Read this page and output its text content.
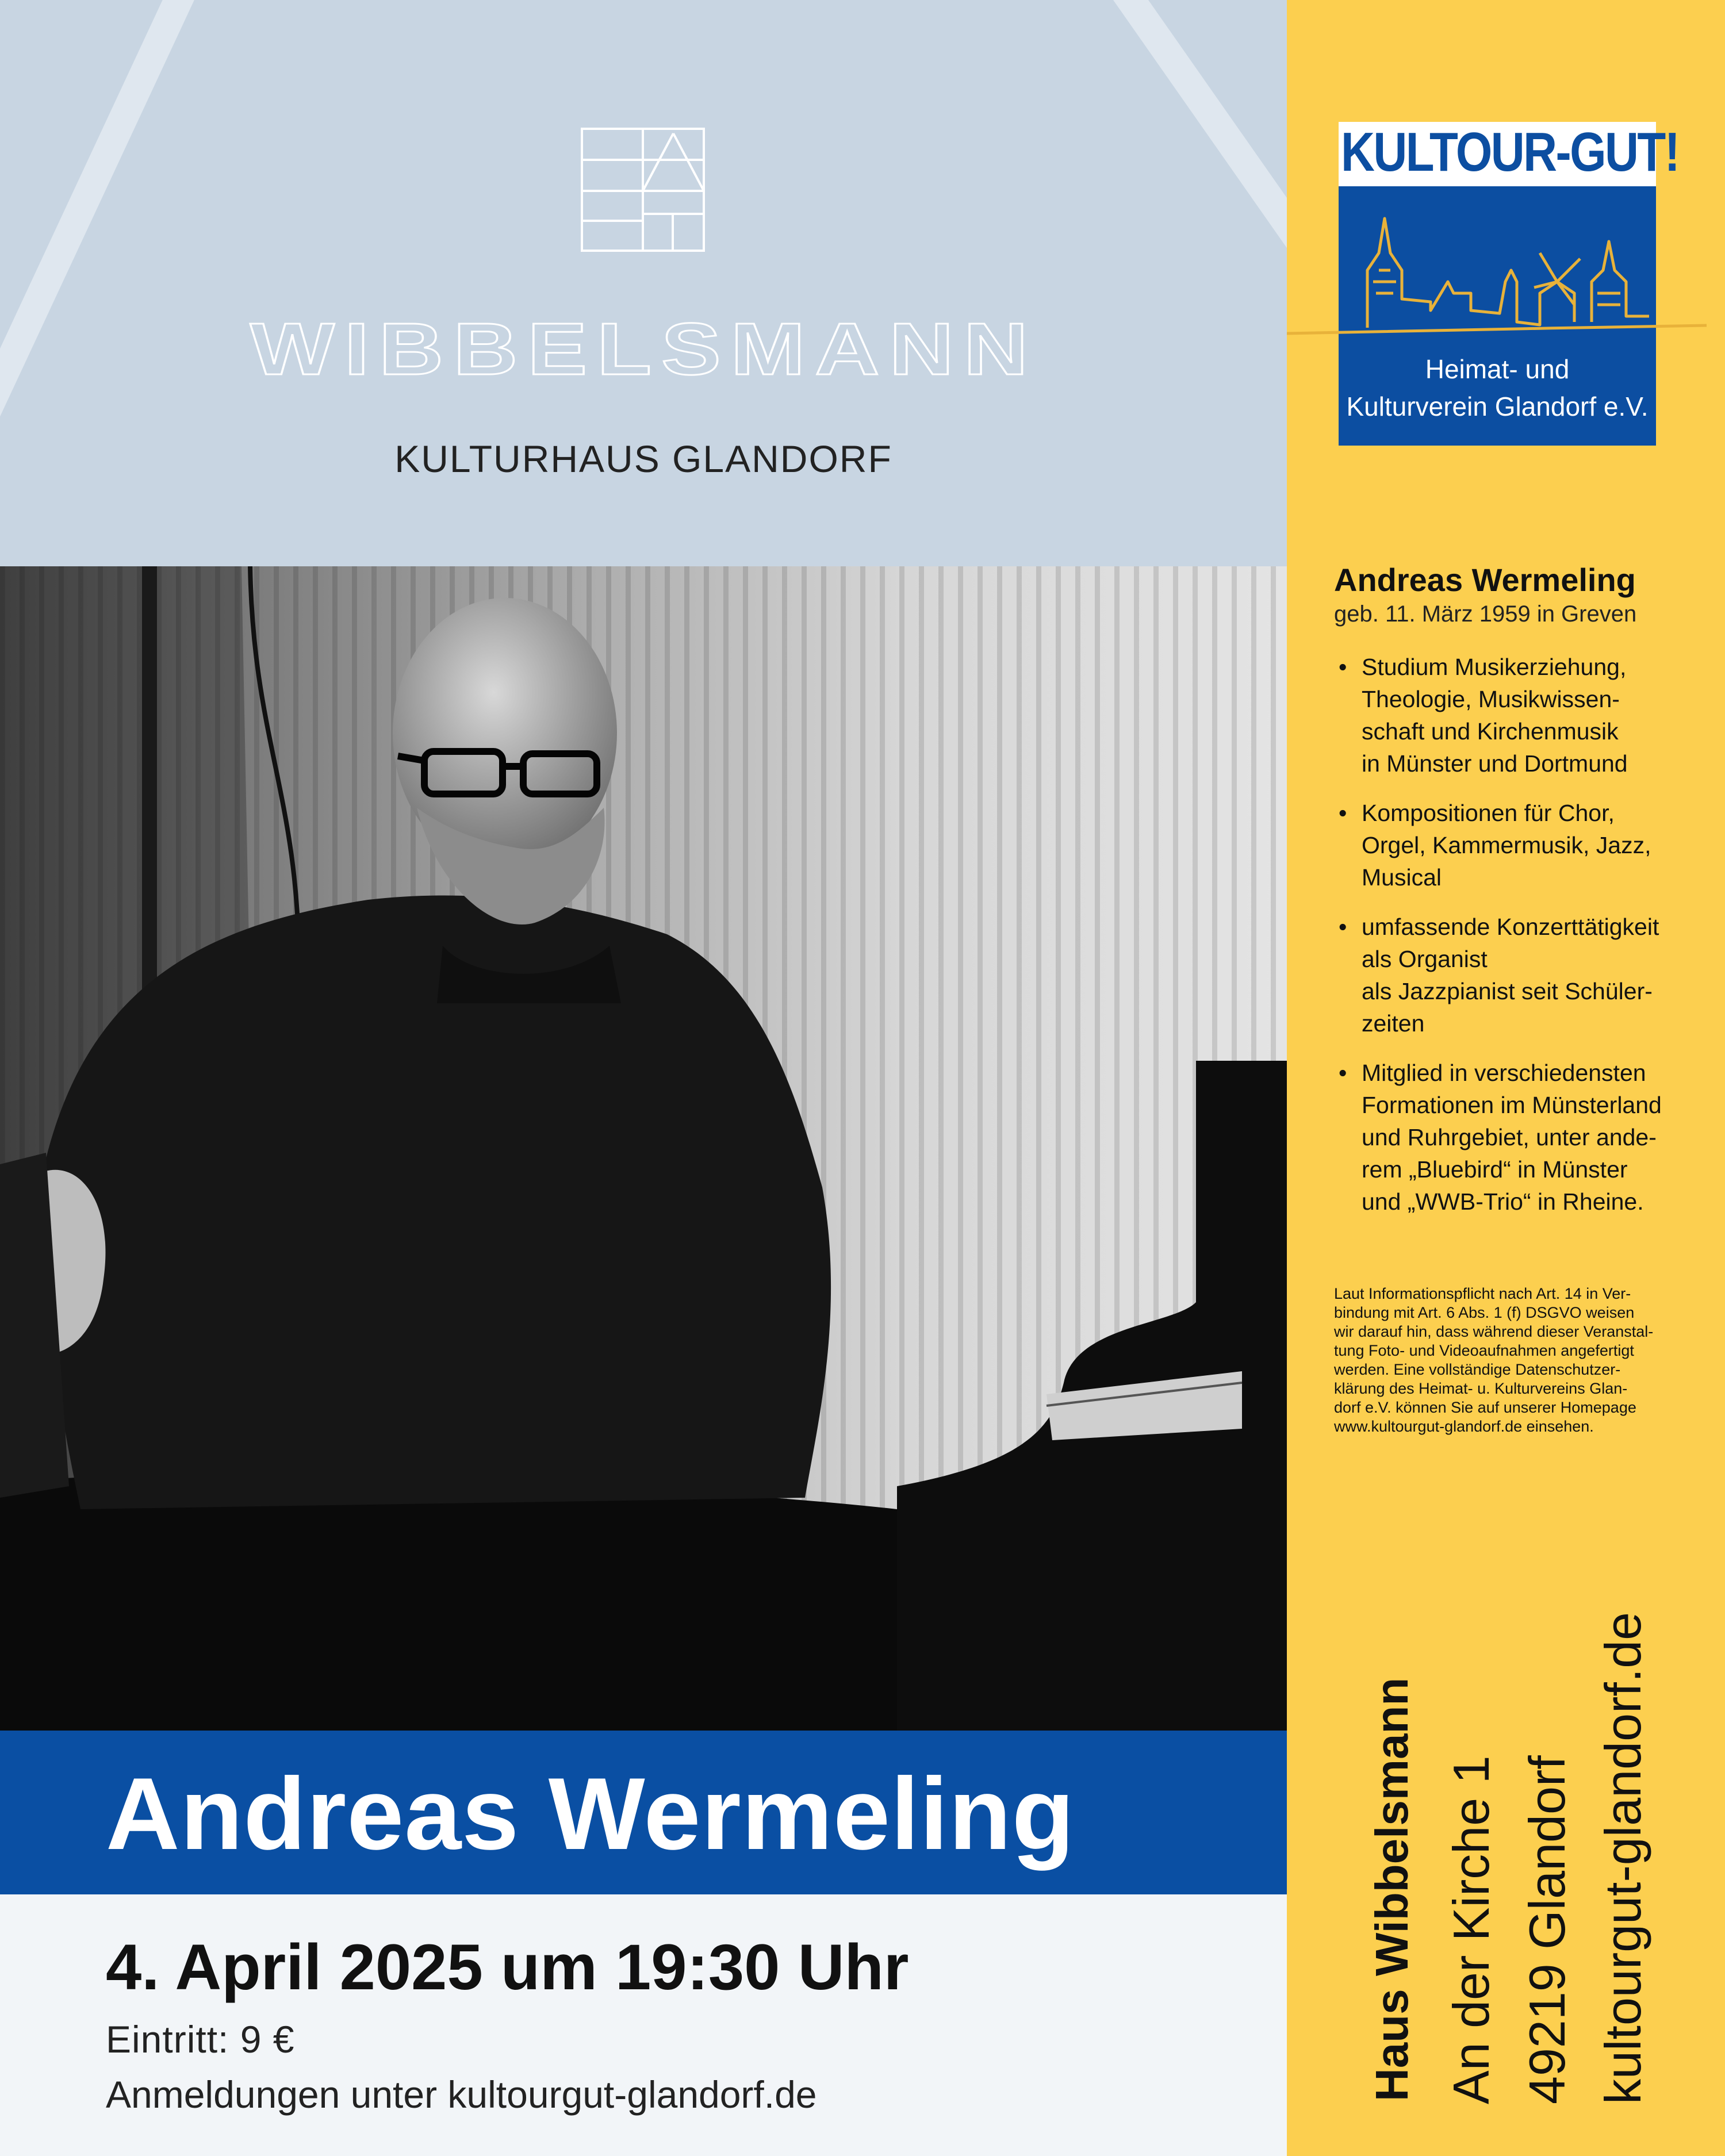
WIBBELSMANN
KULTURHAUS GLANDORF
Andreas Wermeling
4. April 2025 um 19:30 Uhr
Eintritt: 9 €
Anmeldungen unter kultourgut-glandorf.de
KULTOUR-GUT!
Heimat- und
Kulturverein Glandorf e.V.
Andreas Wermeling
geb. 11. März 1959 in Greven
• Studium Musikerziehung,
Theologie, Musikwissen-
schaft und Kirchenmusik
in Münster und Dortmund
• Kompositionen für Chor,
Orgel, Kammermusik, Jazz,
Musical
• umfassende Konzerttätigkeit
als Organist
als Jazzpianist seit Schüler-
zeiten
• Mitglied in verschiedensten
Formationen im Münsterland
und Ruhrgebiet, unter ande-
rem „Bluebird“ in Münster
und „WWB-Trio“ in Rheine.
Laut Informationspflicht nach Art. 14 in Ver-
bindung mit Art. 6 Abs. 1 (f) DSGVO weisen
wir darauf hin, dass während dieser Veranstal-
tung Foto- und Videoaufnahmen angefertigt
werden. Eine vollständige Datenschutzer-
klärung des Heimat- u. Kulturvereins Glan-
dorf e.V. können Sie auf unserer Homepage
www.kultourgut-glandorf.de einsehen.
Haus Wibbelsmann An der Kirche 1 49219 Glandorf kultourgut-glandorf.de
